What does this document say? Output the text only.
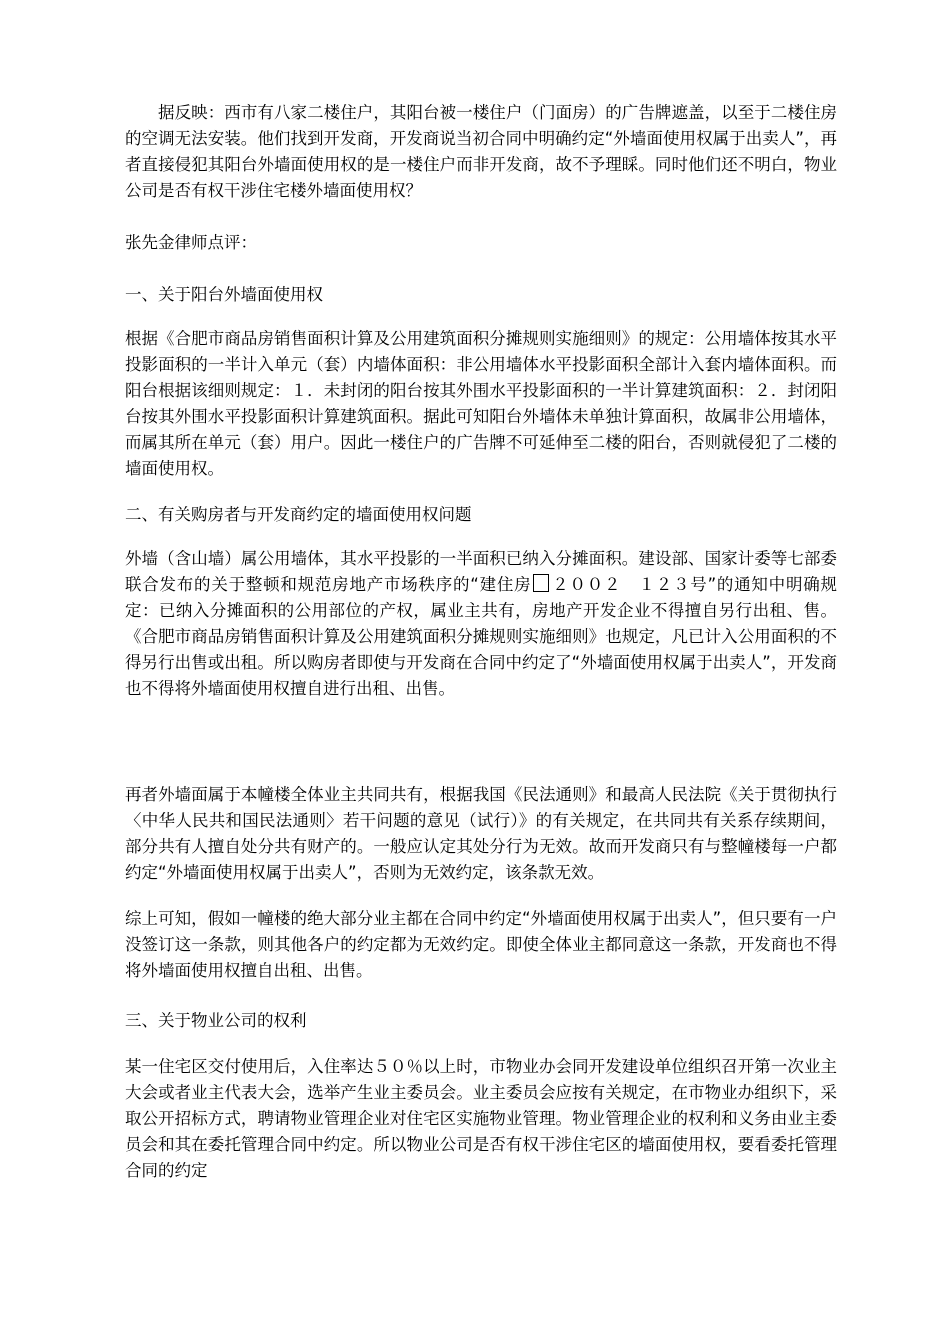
据反映：西市有八家二楼住户，其阳台被一楼住户（门面房）的广告牌遮盖，以至于二楼住房的空调无法安装。他们找到开发商，开发商说当初合同中明确约定“外墙面使用权属于出卖人”，再者直接侵犯其阳台外墙面使用权的是一楼住户而非开发商，故不予理睬。同时他们还不明白，物业公司是否有权干涉住宅楼外墙面使用权？

张先金律师点评：

一、关于阳台外墙面使用权

根据《合肥市商品房销售面积计算及公用建筑面积分摊规则实施细则》的规定：公用墙体按其水平投影面积的一半计入单元（套）内墙体面积：非公用墙体水平投影面积全部计入套内墙体面积。而阳台根据该细则规定：１．未封闭的阳台按其外围水平投影面积的一半计算建筑面积：２．封闭阳台按其外围水平投影面积计算建筑面积。据此可知阳台外墙体未单独计算面积，故属非公用墙体，而属其所在单元（套）用户。因此一楼住户的广告牌不可延伸至二楼的阳台，否则就侵犯了二楼的墙面使用权。

二、有关购房者与开发商约定的墙面使用权问题

外墙（含山墙）属公用墙体，其水平投影的一半面积已纳入分摊面积。建设部、国家计委等七部委联合发布的关于整顿和规范房地产市场秩序的“建住房 ２００２　１２３号”的通知中明确规定：已纳入分摊面积的公用部位的产权，属业主共有，房地产开发企业不得擅自另行出租、售。《合肥市商品房销售面积计算及公用建筑面积分摊规则实施细则》也规定，凡已计入公用面积的不得另行出售或出租。所以购房者即使与开发商在合同中约定了“外墙面使用权属于出卖人”，开发商也不得将外墙面使用权擅自进行出租、出售。

再者外墙面属于本幢楼全体业主共同共有，根据我国《民法通则》和最高人民法院《关于贯彻执行〈中华人民共和国民法通则〉若干问题的意见（试行）》的有关规定，在共同共有关系存续期间，部分共有人擅自处分共有财产的。一般应认定其处分行为无效。故而开发商只有与整幢楼每一户都约定“外墙面使用权属于出卖人”，否则为无效约定，该条款无效。

综上可知，假如一幢楼的绝大部分业主都在合同中约定“外墙面使用权属于出卖人”，但只要有一户没签订这一条款，则其他各户的约定都为无效约定。即使全体业主都同意这一条款，开发商也不得将外墙面使用权擅自出租、出售。

三、关于物业公司的权利

某一住宅区交付使用后，入住率达５０％以上时，市物业办会同开发建设单位组织召开第一次业主大会或者业主代表大会，选举产生业主委员会。业主委员会应按有关规定，在市物业办组织下，采取公开招标方式，聘请物业管理企业对住宅区实施物业管理。物业管理企业的权利和义务由业主委员会和其在委托管理合同中约定。所以物业公司是否有权干涉住宅区的墙面使用权，要看委托管理合同的约定
